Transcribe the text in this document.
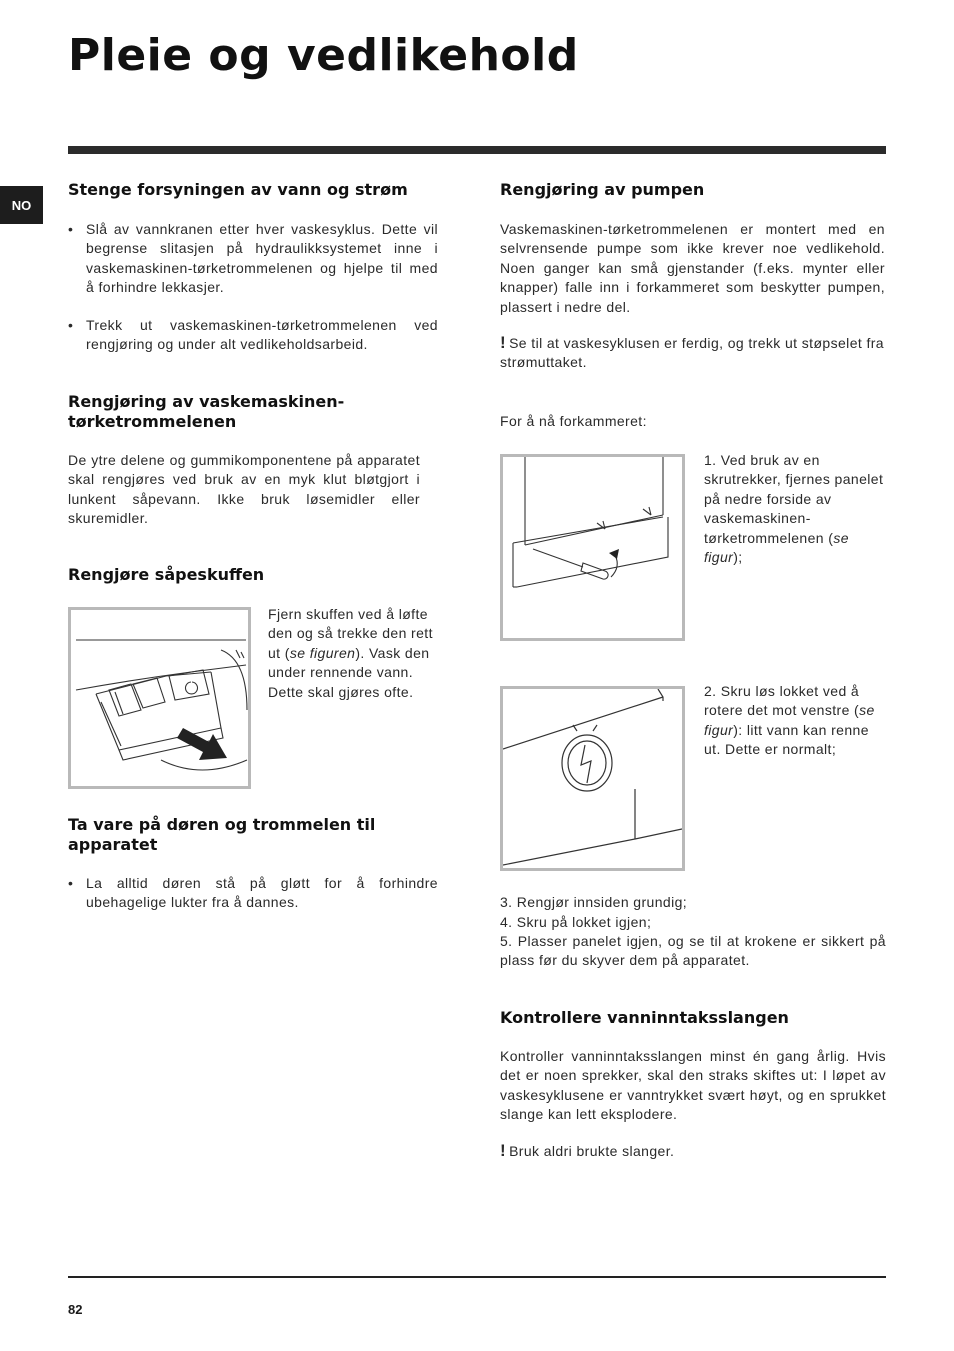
Pleie og vedlikehold
NO
Stenge forsyningen av vann og strøm

• Slå av vannkranen etter hver vaskesyklus. Dette vil begrense slitasjen på hydraulikksystemet inne i vaskemaskinen-tørketrommelenen og hjelpe til med å forhindre lekkasjer.

• Trekk ut vaskemaskinen-tørketrommelenen ved rengjøring og under alt vedlikeholdsarbeid.

Rengjøring av vaskemaskinen-
tørketrommelenen

De ytre delene og gummikomponentene på apparatet skal rengjøres ved bruk av en myk klut bløtgjort i lunkent såpevann. Ikke bruk løsemidler eller skuremidler.

Rengjøre såpeskuffen

Fjern skuffen ved å løfte den og så trekke den rett ut (se figuren). Vask den under rennende vann. Dette skal gjøres ofte.

Ta vare på døren og trommelen til
apparatet

• La alltid døren stå på gløtt for å forhindre ubehagelige lukter fra å dannes.

Rengjøring av pumpen

Vaskemaskinen-tørketrommelenen er montert med en selvrensende pumpe som ikke krever noe vedlikehold. Noen ganger kan små gjenstander (f.eks. mynter eller knapper) falle inn i forkammeret som beskytter pumpen, plassert i nedre del.

! Se til at vaskesyklusen er ferdig, og trekk ut støpselet fra strømuttaket.

For å nå forkammeret:

1. Ved bruk av en skrutrekker, fjernes panelet på nedre forside av vaskemaskinen-tørketrommelenen (se figur);

2. Skru løs lokket ved å rotere det mot venstre (se figur): litt vann kan renne ut. Dette er normalt;

3. Rengjør innsiden grundig;

4. Skru på lokket igjen;

5. Plasser panelet igjen, og se til at krokene er sikkert på plass før du skyver dem på apparatet.

Kontrollere vanninntaksslangen

Kontroller vanninntaksslangen minst én gang årlig. Hvis det er noen sprekker, skal den straks skiftes ut: I løpet av vaskesyklusene er vanntrykket svært høyt, og en sprukket slange kan lett eksplodere.

! Bruk aldri brukte slanger.

82
